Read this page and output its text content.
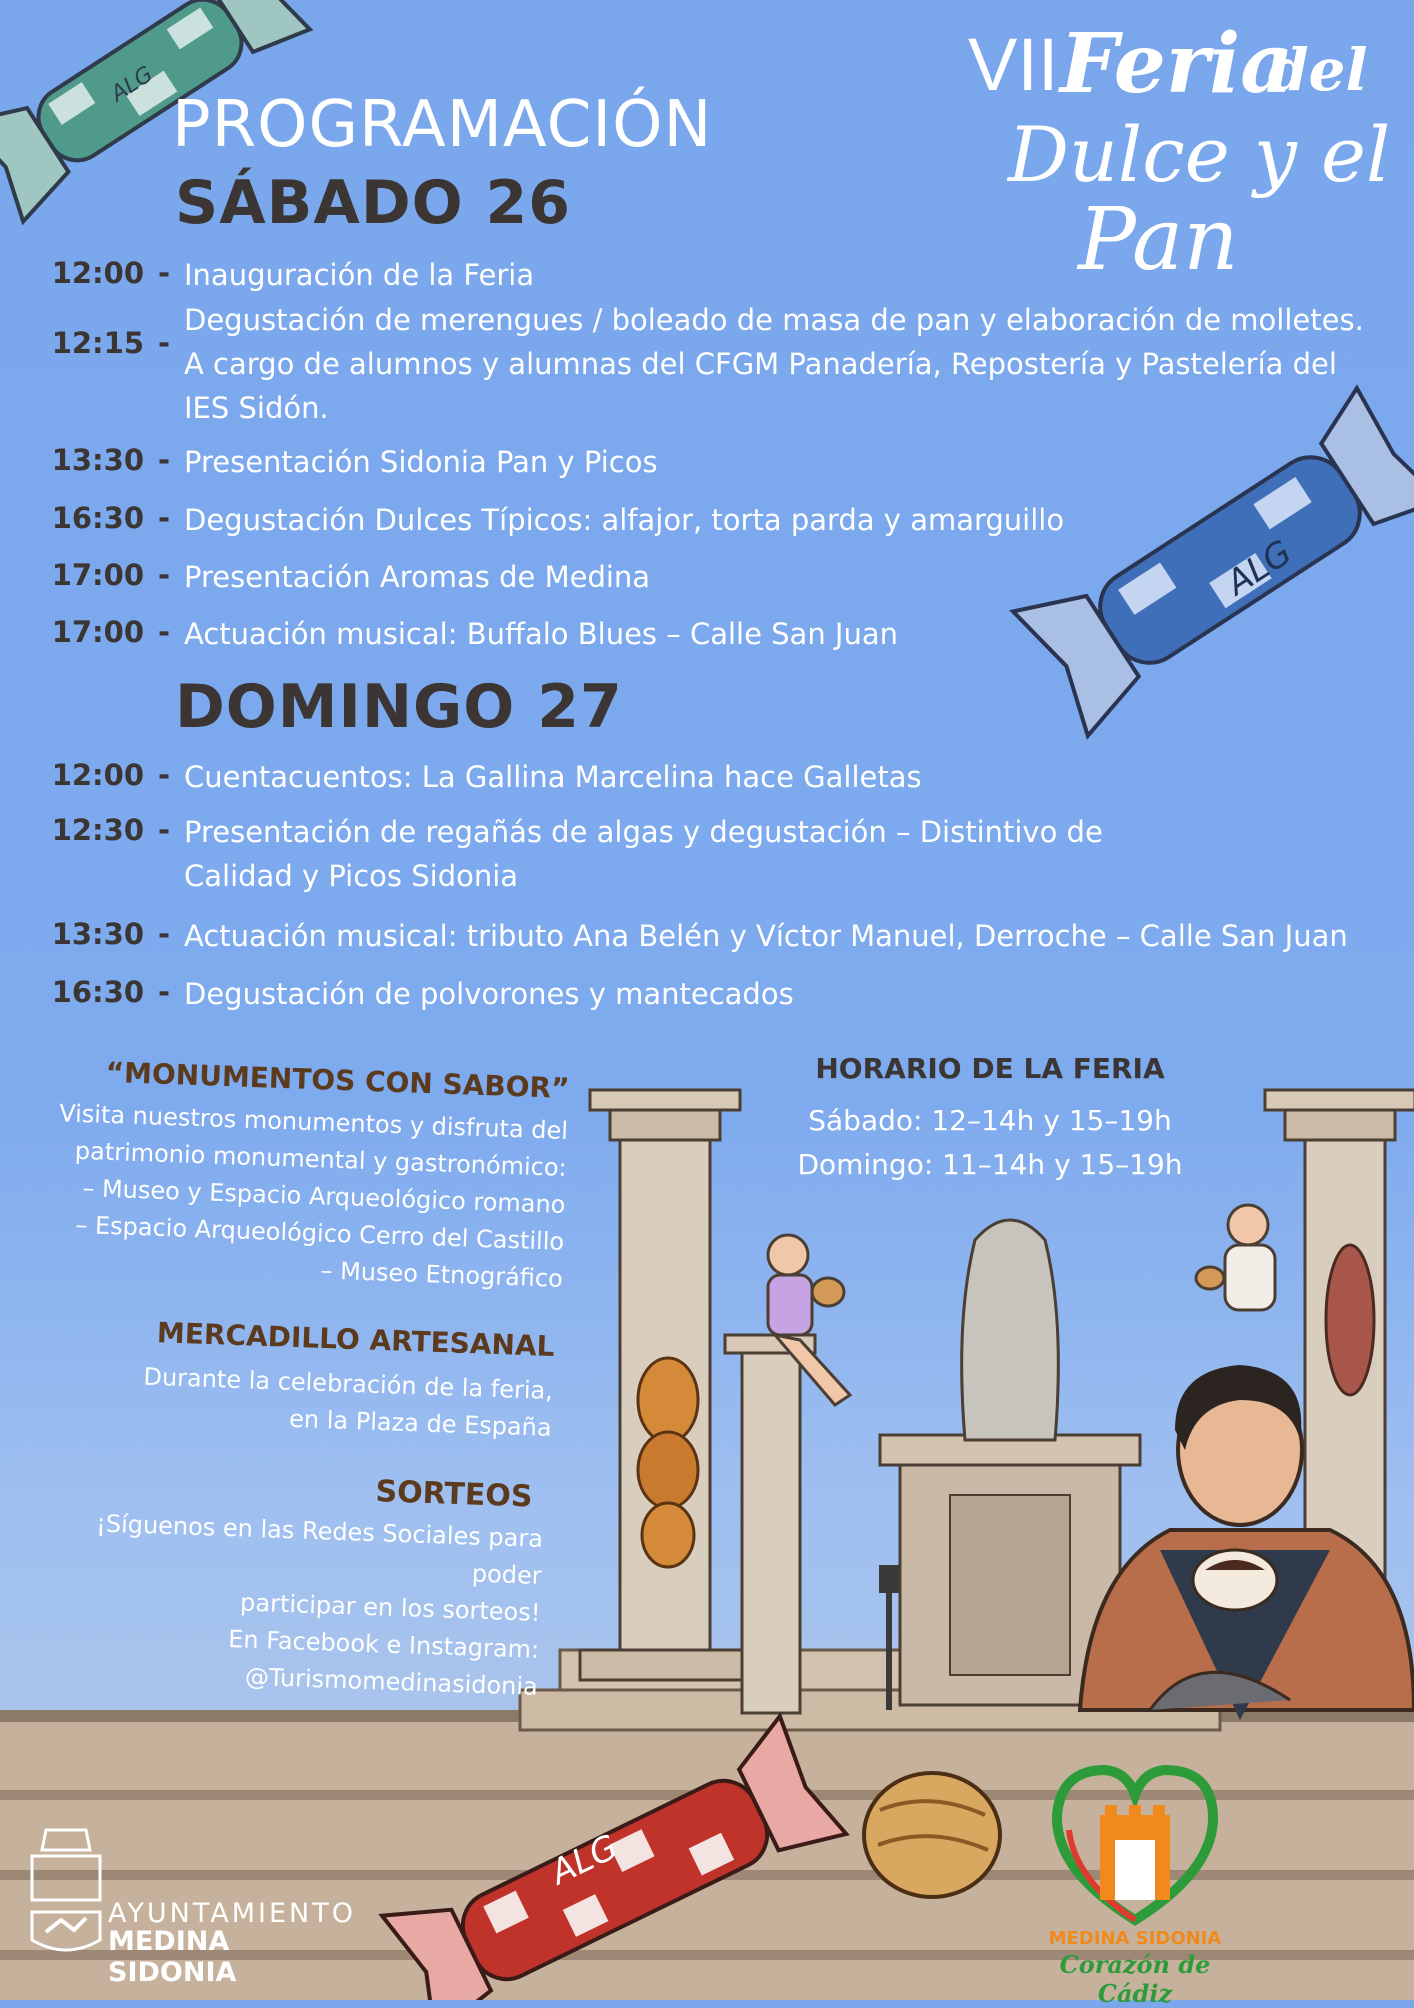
ALG
ALG
ALG
VII Feria
del
Dulce y el
Pan
PROGRAMACIÓN
SÁBADO 26
12:00 - Inauguración de la Feria
12:15 -
Degustación de merengues / boleado de masa de pan y elaboración de molletes. A cargo de alumnos y alumnas del CFGM Panadería, Repostería y Pastelería del IES Sidón.
13:30 - Presentación Sidonia Pan y Picos
16:30 - Degustación Dulces Típicos: alfajor, torta parda y amarguillo
17:00 - Presentación Aromas de Medina
17:00 - Actuación musical: Buffalo Blues – Calle San Juan
DOMINGO 27
12:00 - Cuentacuentos: La Gallina Marcelina hace Galletas
12:30 - Presentación de regañás de algas y degustación – Distintivo de Calidad y Picos Sidonia
13:30 - Actuación musical: tributo Ana Belén y Víctor Manuel, Derroche – Calle San Juan
16:30 - Degustación de polvorones y mantecados
“MONUMENTOS CON SABOR”
Visita nuestros monumentos y disfruta del
patrimonio monumental y gastronómico:
– Museo y Espacio Arqueológico romano
– Espacio Arqueológico Cerro del Castillo
– Museo Etnográfico
MERCADILLO ARTESANAL
Durante la celebración de la feria,
en la Plaza de España
SORTEOS
¡Síguenos en las Redes Sociales para poder
participar en los sorteos!
En Facebook e Instagram:
@Turismomedinasidonia
HORARIO DE LA FERIA
Sábado: 12–14h y 15–19h
Domingo: 11–14h y 15–19h
AYUNTAMIENTO
MEDINA SIDONIA
MEDINA SIDONIA
Corazón de Cádiz
